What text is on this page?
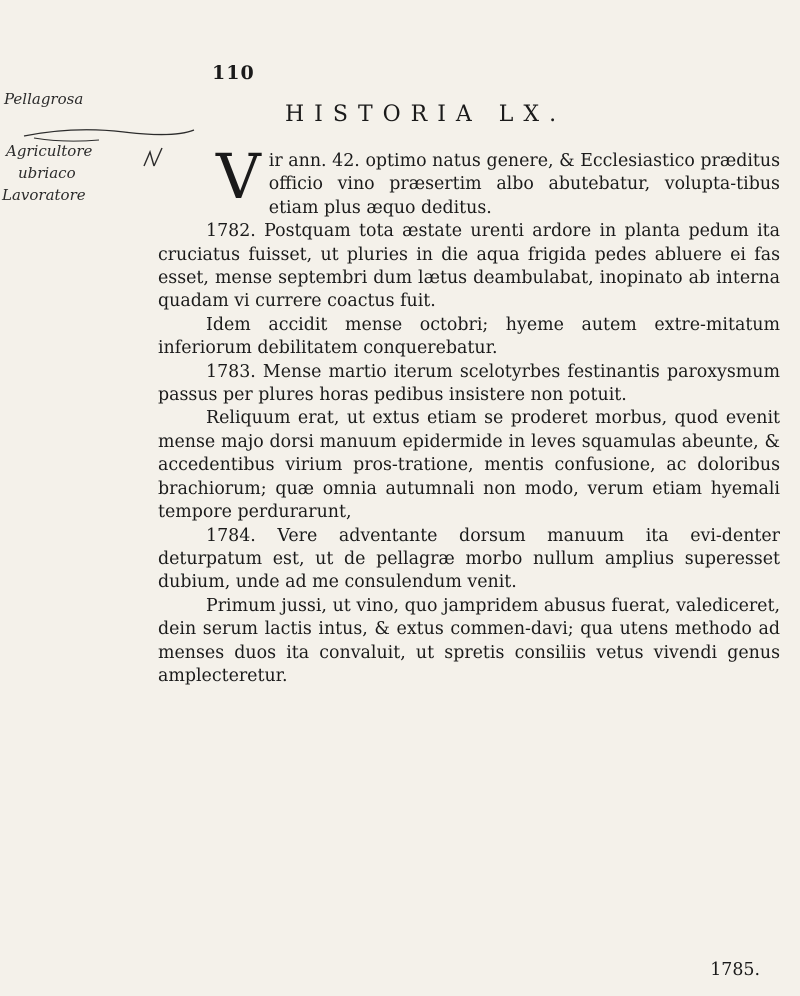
110
HISTORIA LX.
Pellagrosa
Agricultore
ubriaco
Lavoratore V ir ann. 42. optimo natus genere, & Ecclesiastico præditus officio vino præsertim albo abutebatur, volupta-tibus etiam plus æquo deditus.

1782. Postquam tota æstate urenti ardore in planta pedum ita cruciatus fuisset, ut pluries in die aqua frigida pedes abluere ei fas esset, mense septembri dum lætus deambulabat, inopinato ab interna quadam vi currere coactus fuit.

Idem accidit mense octobri; hyeme autem extre-mitatum inferiorum debilitatem conquerebatur.

1783. Mense martio iterum scelotyrbes festinantis paroxysmum passus per plures horas pedibus insistere non potuit.

Reliquum erat, ut extus etiam se proderet morbus, quod evenit mense majo dorsi manuum epidermide in leves squamulas abeunte, & accedentibus virium pros-tratione, mentis confusione, ac doloribus brachiorum; quæ omnia autumnali non modo, verum etiam hyemali tempore perdurarunt,

1784. Vere adventante dorsum manuum ita evi-denter deturpatum est, ut de pellagræ morbo nullum amplius superesset dubium, unde ad me consulendum venit.

Primum jussi, ut vino, quo jampridem abusus fuerat, valediceret, dein serum lactis intus, & extus commen-davi; qua utens methodo ad menses duos ita convaluit, ut spretis consiliis vetus vivendi genus amplecteretur.

1785.
